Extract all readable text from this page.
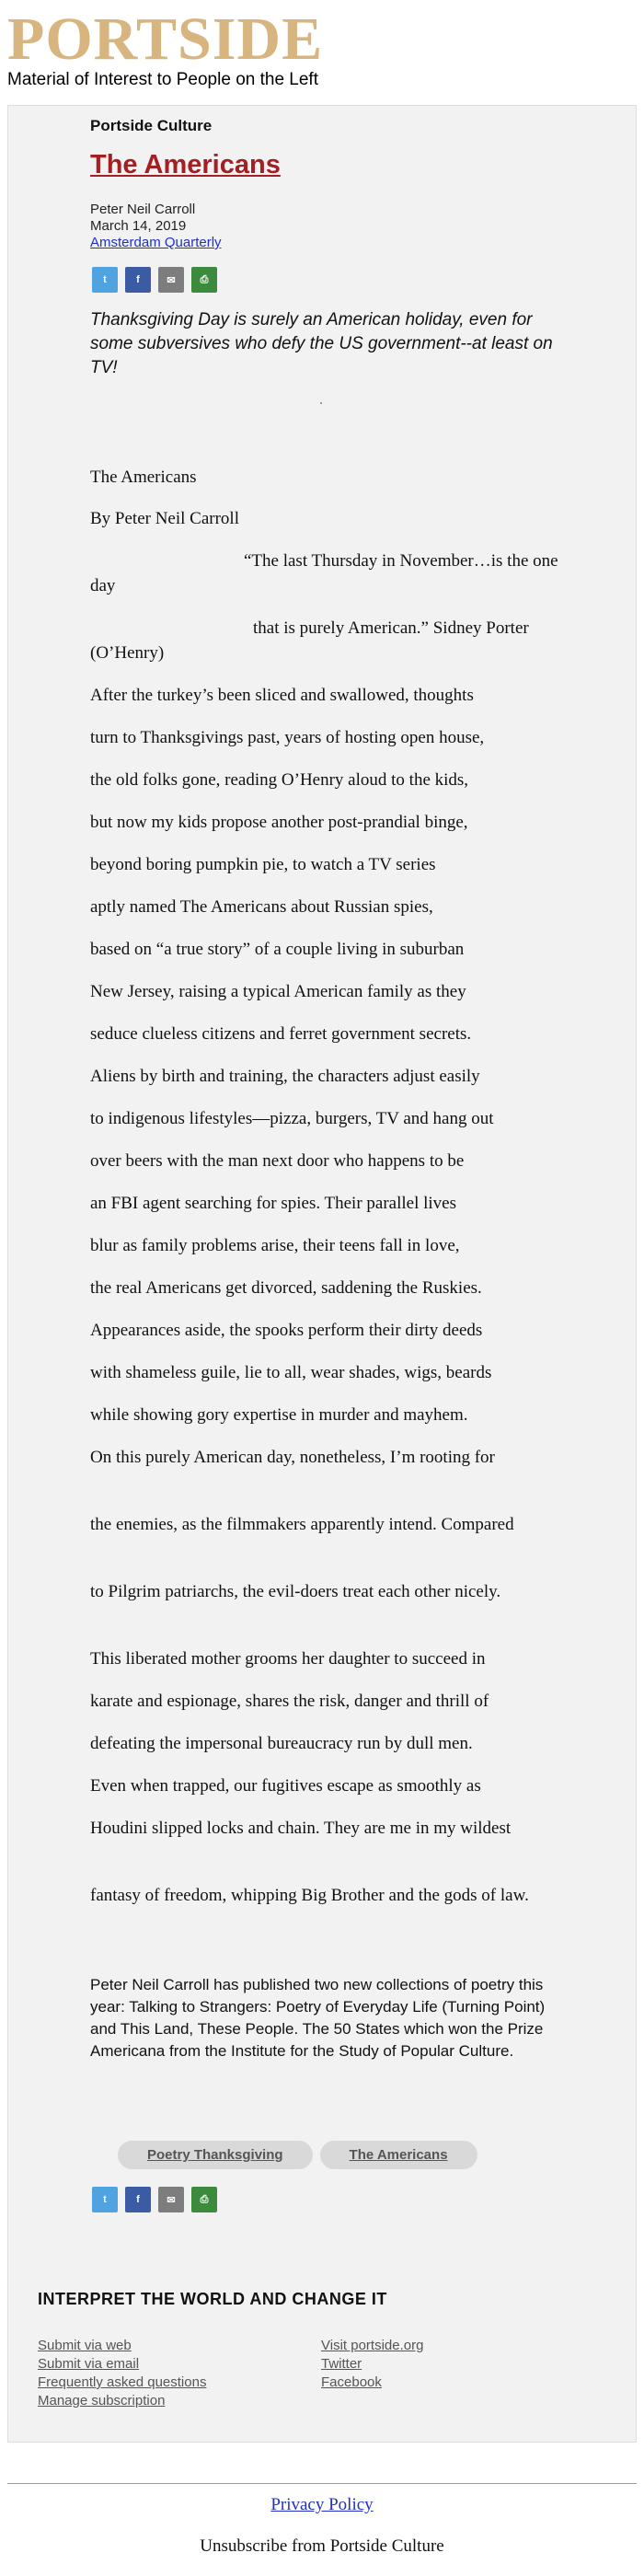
PORTSIDE
Material of Interest to People on the Left
Portside Culture
The Americans
Peter Neil Carroll
March 14, 2019
Amsterdam Quarterly
t	f	✉	⎙
Thanksgiving Day is surely an American holiday, even for some subversives who defy the US government--at least on TV!

The Americans

By Peter Neil Carroll

“The last Thursday in November…is the one day

that is purely American.” Sidney Porter (O’Henry)

After the turkey’s been sliced and swallowed, thoughts

turn to Thanksgivings past, years of hosting open house,

the old folks gone, reading O’Henry aloud to the kids,

but now my kids propose another post-prandial binge,

beyond boring pumpkin pie, to watch a TV series

aptly named The Americans about Russian spies,

based on “a true story” of a couple living in suburban

New Jersey, raising a typical American family as they

seduce clueless citizens and ferret government secrets.

Aliens by birth and training, the characters adjust easily

to indigenous lifestyles—pizza, burgers, TV and hang out

over beers with the man next door who happens to be

an FBI agent searching for spies. Their parallel lives

blur as family problems arise, their teens fall in love,

the real Americans get divorced, saddening the Ruskies.

Appearances aside, the spooks perform their dirty deeds

with shameless guile, lie to all, wear shades, wigs, beards

while showing gory expertise in murder and mayhem.

On this purely American day, nonetheless, I’m rooting for

the enemies, as the filmmakers apparently intend. Compared

to Pilgrim patriarchs, the evil-doers treat each other nicely.

This liberated mother grooms her daughter to succeed in

karate and espionage, shares the risk, danger and thrill of

defeating the impersonal bureaucracy run by dull men.

Even when trapped, our fugitives escape as smoothly as

Houdini slipped locks and chain. They are me in my wildest

fantasy of freedom, whipping Big Brother and the gods of law.

Peter Neil Carroll has published two new collections of poetry this year: Talking to Strangers: Poetry of Everyday Life (Turning Point) and This Land, These People. The 50 States which won the Prize Americana from the Institute for the Study of Popular Culture.
Poetry Thanksgiving	The Americans
t	f	✉	⎙
INTERPRET THE WORLD AND CHANGE IT
Submit via web
Submit via email
Frequently asked questions
Manage subscription
Visit portside.org
Twitter
Facebook
Privacy Policy
Unsubscribe from Portside Culture
